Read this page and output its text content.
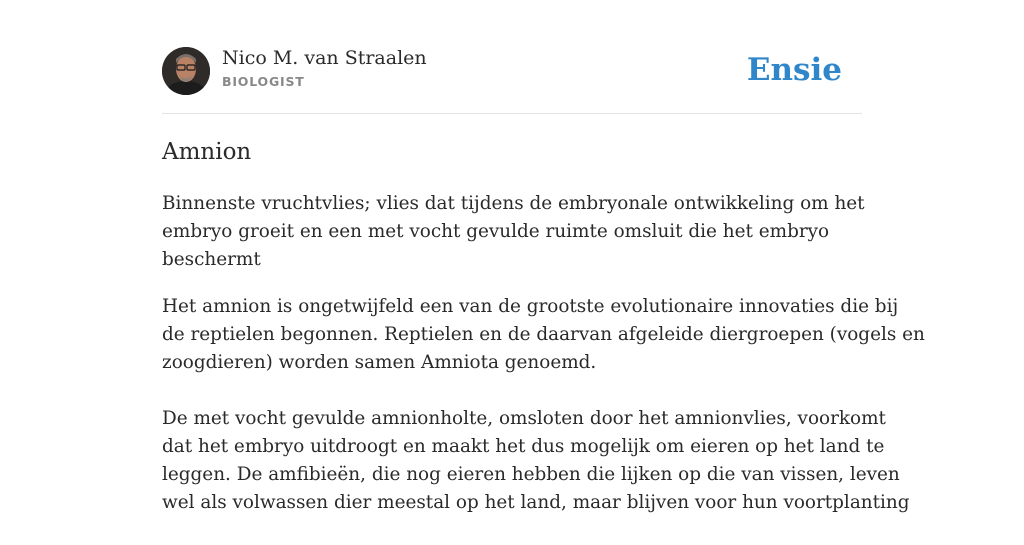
Nico M. van Straalen
BIOLOGIST	Ensie
Amnion
Binnenste vruchtvlies; vlies dat tijdens de embryonale ontwikkeling om het
embryo groeit en een met vocht gevulde ruimte omsluit die het embryo
beschermt

Het amnion is ongetwijfeld een van de grootste evolutionaire innovaties die bij
de reptielen begonnen. Reptielen en de daarvan afgeleide diergroepen (vogels en
zoogdieren) worden samen Amniota genoemd.

De met vocht gevulde amnionholte, omsloten door het amnionvlies, voorkomt
dat het embryo uitdroogt en maakt het dus mogelijk om eieren op het land te
leggen. De amfibieën, die nog eieren hebben die lijken op die van vissen, leven
wel als volwassen dier meestal op het land, maar blijven voor hun voortplanting
